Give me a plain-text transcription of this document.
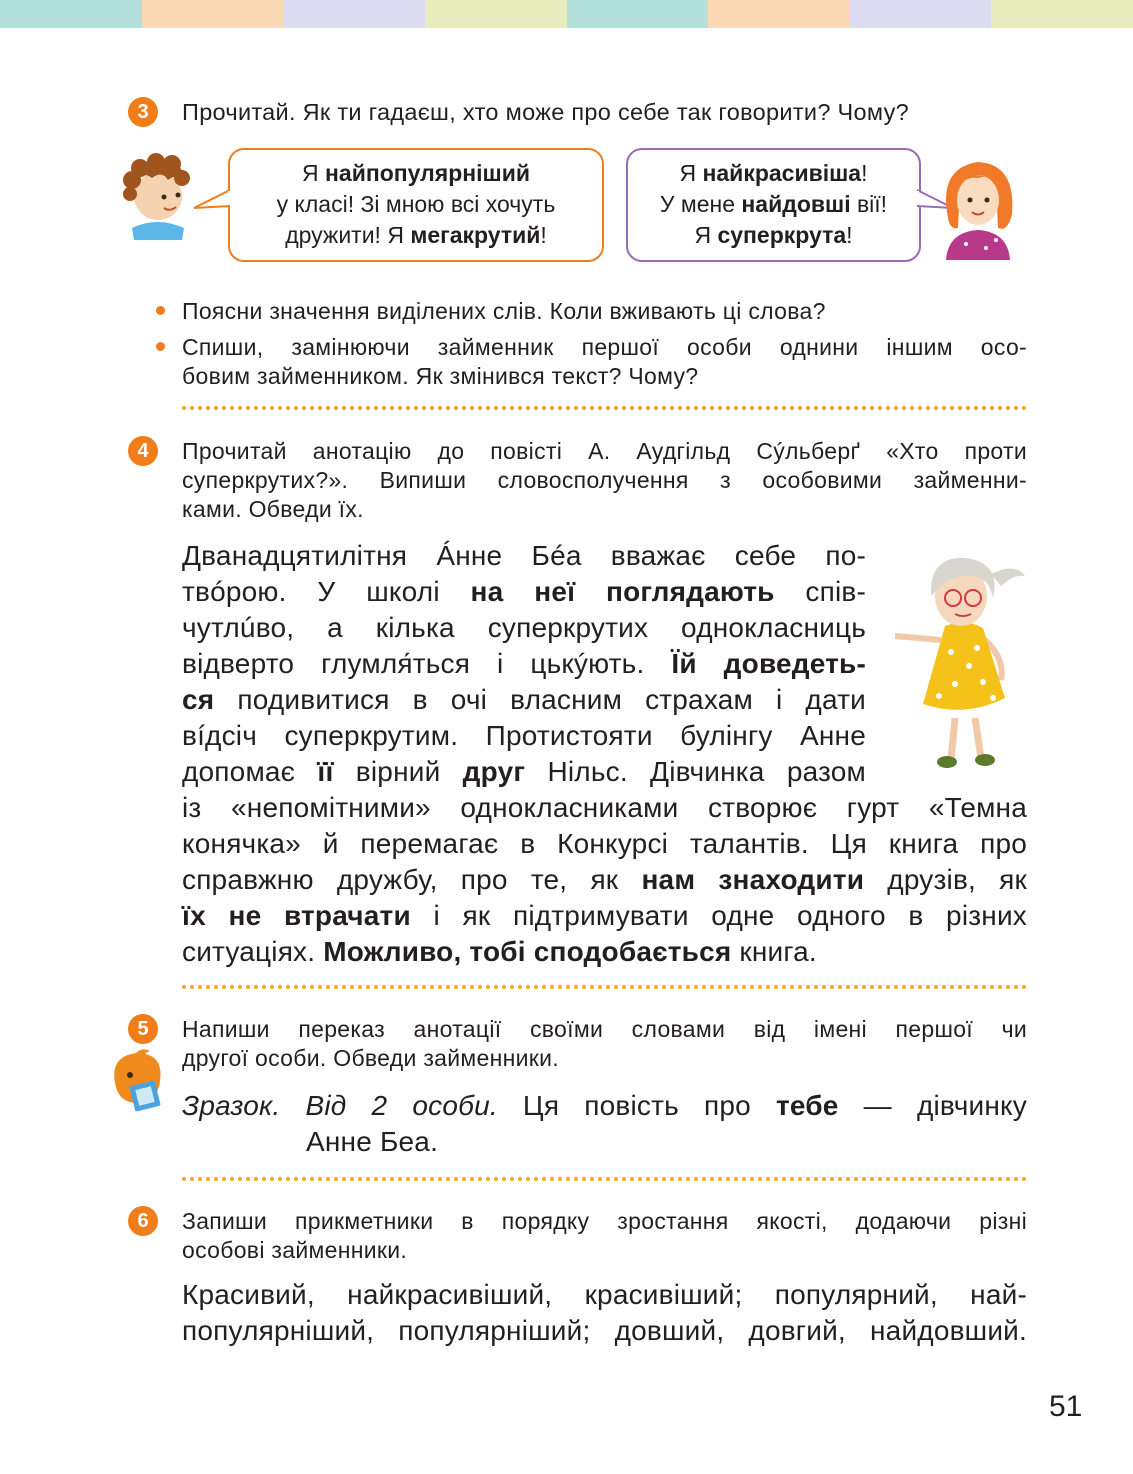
3	Прочитай. Як ти гадаєш, хто може про себе так говорити? Чому?
Я найпопулярніший
у класі! Зі мною всі хочуть
дружити! Я мегакрутий!
Я найкрасивіша!
У мене найдовші вії!
Я суперкрута!
Поясни значення виділених слів. Коли вживають ці слова?
Спиши, замінюючи займенник першої особи однини іншим осо-
бовим займенником. Як змінився текст? Чому?
4	Прочитай анотацію до повісті А. Аудгільд Сýльберґ «Хто проти
суперкрутих?». Випиши словосполучення з особовими займенни-
ками. Обведи їх.
Дванадцятилітня Áнне Бéа вважає себе по-
твóрою. У школі на неї поглядають спів-
чутлúво, а кілька суперкрутих однокласниць
відверто глумля́ться і цькýють. Їй доведеть-
ся подивитися в очі власним страхам і дати
вíдсіч суперкрутим. Протистояти булінгу Анне
допомає її вірний друг Нільс. Дівчинка разом
із «непомітними» однокласниками створює гурт «Темна
конячка» й перемагає в Конкурсі талантів. Ця книга про
справжню дружбу, про те, як нам знаходити друзів, як
їх не втрачати і як підтримувати одне одного в різних
ситуаціях. Можливо, тобі сподобається книга.
5	Напиши переказ анотації своїми словами від імені першої чи
другої особи. Обведи займенники.
Зразок. Від 2 особи. Ця повість про тебе — дівчинку
Анне Беа.
6	Запиши прикметники в порядку зростання якості, додаючи різні
особові займенники.
Красивий, найкрасивіший, красивіший; популярний, най-
популярніший, популярніший; довший, довгий, найдовший.
51
